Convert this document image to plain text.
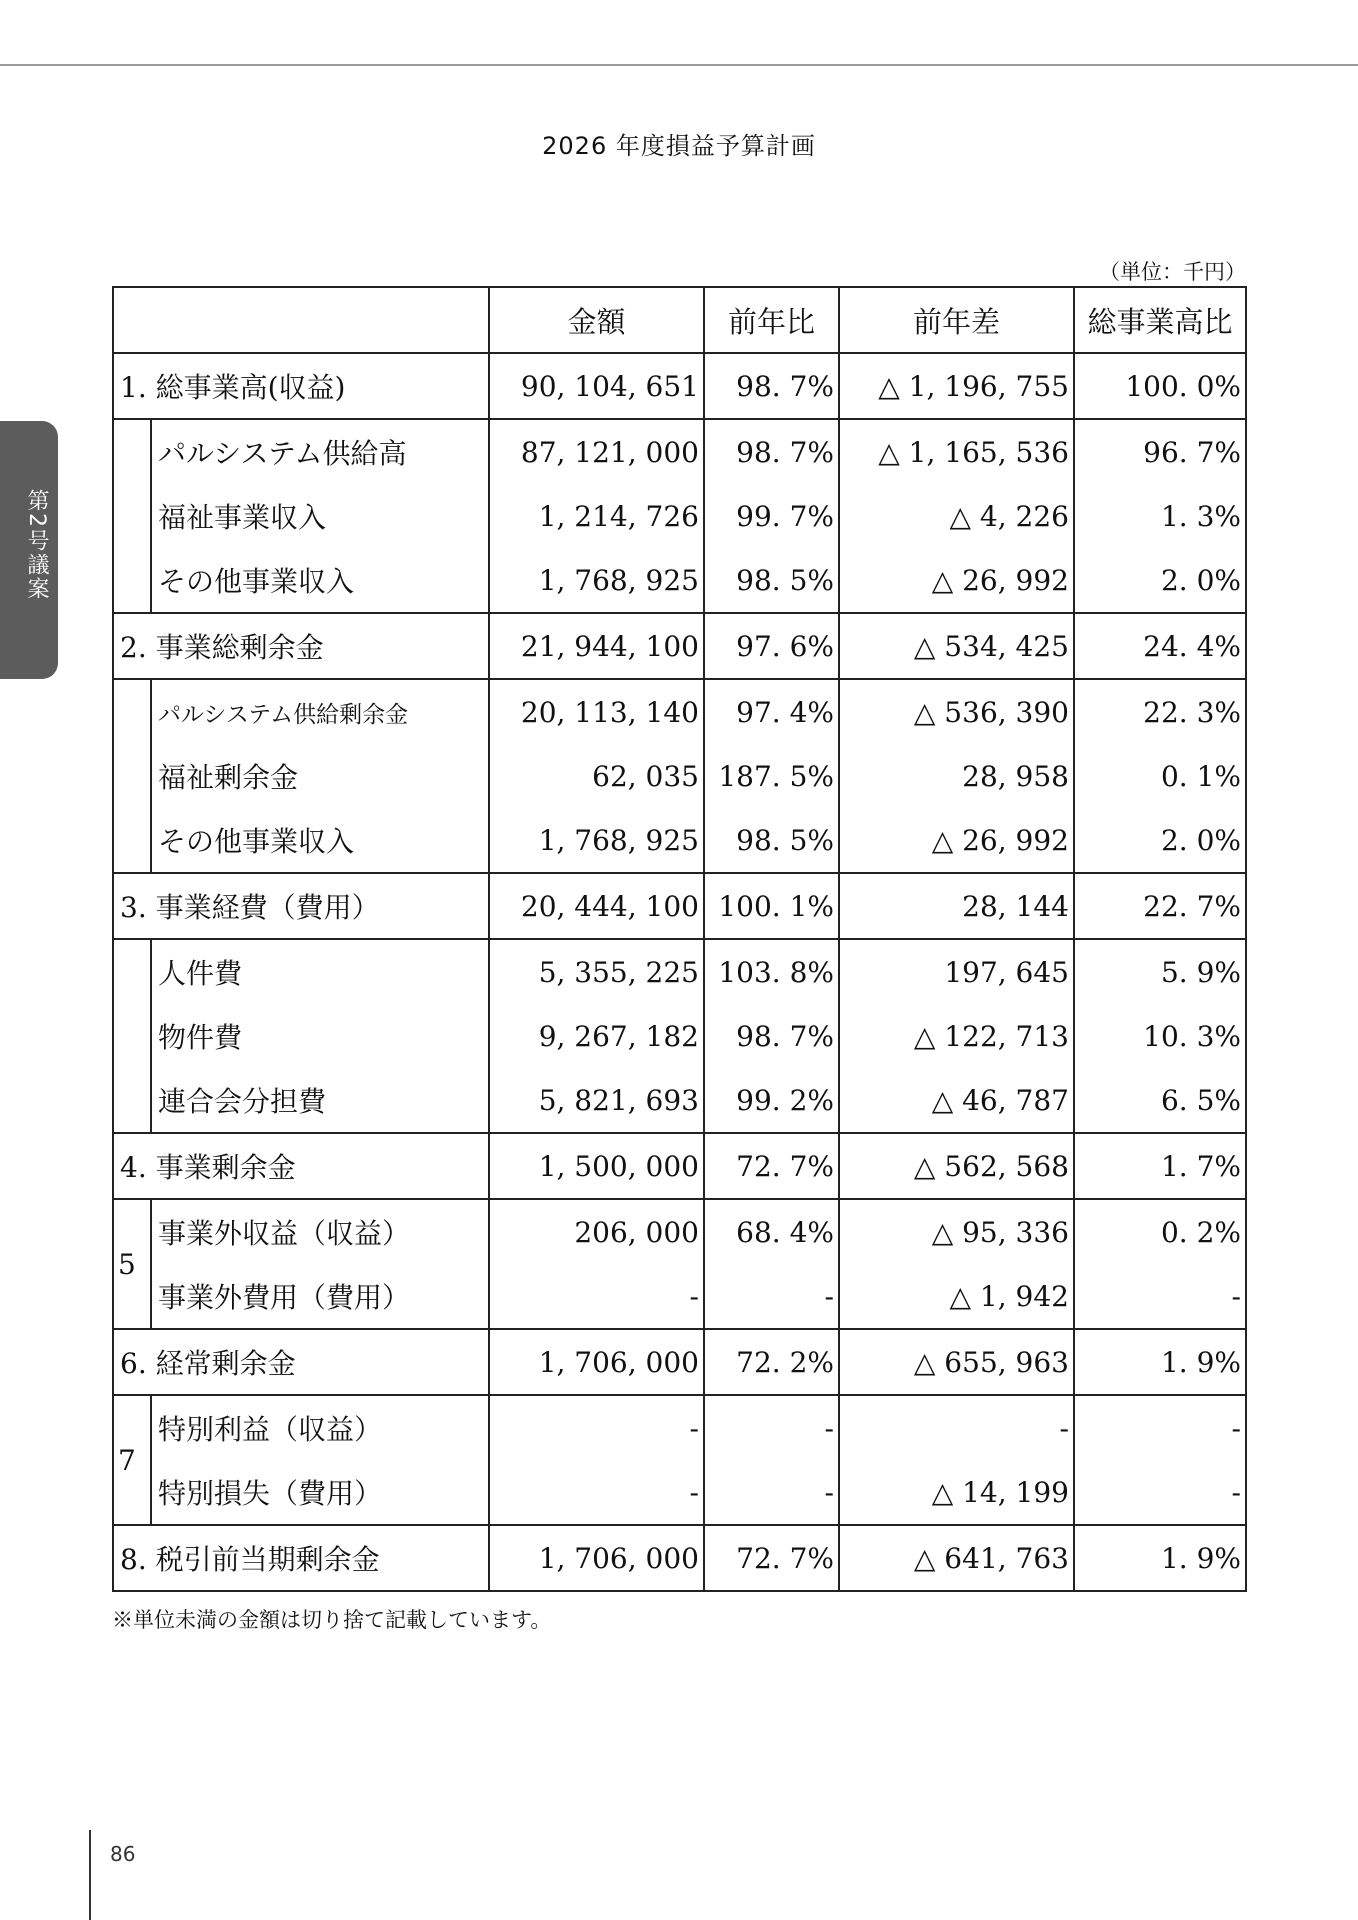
第2号議案
2026 年度損益予算計画
（単位：千円）
		金額	前年比	前年差	総事業高比
1. 総事業高(収益)		90, 104, 651	98. 7%	△ 1, 196, 755	100. 0%
	パルシステム供給高	87, 121, 000	98. 7%	△ 1, 165, 536	96. 7%
	福祉事業収入	1, 214, 726	99. 7%	△ 4, 226	1. 3%
	その他事業収入	1, 768, 925	98. 5%	△ 26, 992	2. 0%
2. 事業総剰余金		21, 944, 100	97. 6%	△ 534, 425	24. 4%
	パルシステム供給剰余金	20, 113, 140	97. 4%	△ 536, 390	22. 3%
	福祉剰余金	62, 035	187. 5%	28, 958	0. 1%
	その他事業収入	1, 768, 925	98. 5%	△ 26, 992	2. 0%
3. 事業経費（費用）		20, 444, 100	100. 1%	28, 144	22. 7%
	人件費	5, 355, 225	103. 8%	197, 645	5. 9%
	物件費	9, 267, 182	98. 7%	△ 122, 713	10. 3%
	連合会分担費	5, 821, 693	99. 2%	△ 46, 787	6. 5%
4. 事業剰余金		1, 500, 000	72. 7%	△ 562, 568	1. 7%
5	事業外収益（収益）	206, 000	68. 4%	△ 95, 336	0. 2%
	事業外費用（費用）	-	-	△ 1, 942	-
6. 経常剰余金		1, 706, 000	72. 2%	△ 655, 963	1. 9%
7	特別利益（収益）	-	-	-	-
	特別損失（費用）	-	-	△ 14, 199	-
8. 税引前当期剰余金		1, 706, 000	72. 7%	△ 641, 763	1. 9%
※単位未満の金額は切り捨て記載しています。
86
